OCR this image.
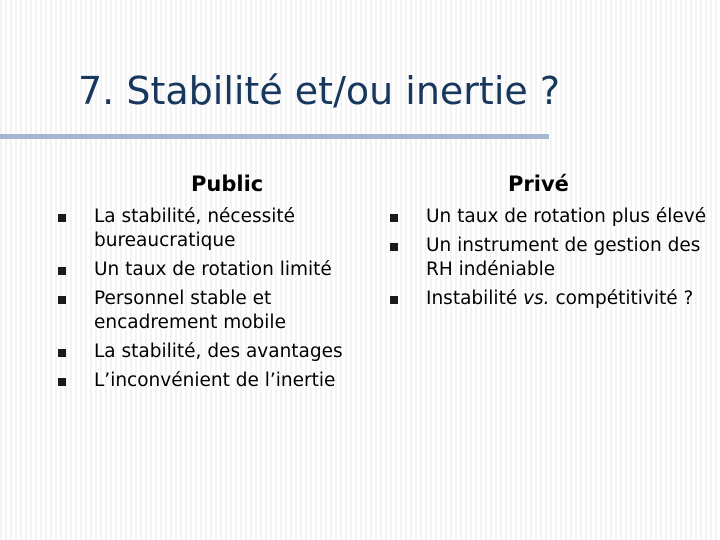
7. Stabilité et/ou inertie ?
Public	Privé
La stabilité, nécessité bureaucratique
Un taux de rotation limité
Personnel stable et encadrement mobile
La stabilité, des avantages
L’inconvénient de l’inertie
Un taux de rotation plus élevé
Un instrument de gestion des RH indéniable
Instabilité vs. compétitivité ?
